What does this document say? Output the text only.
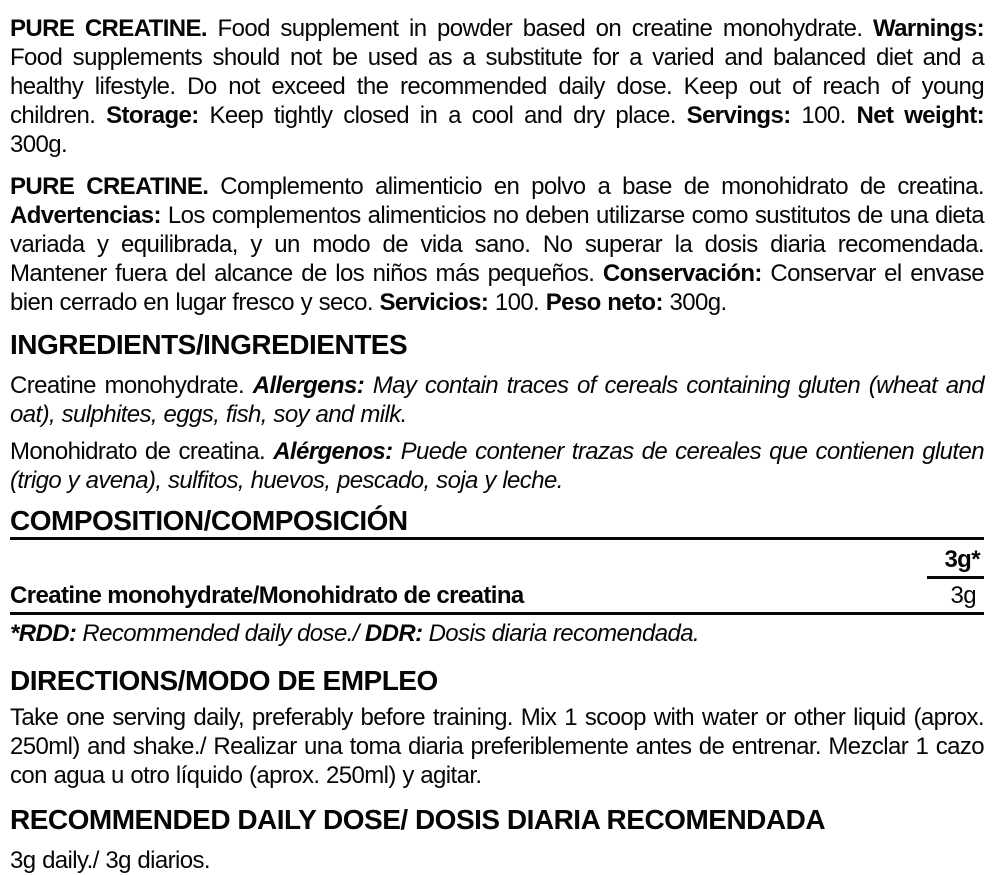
PURE CREATINE. Food supplement in powder based on creatine monohydrate. Warnings: Food supplements should not be used as a substitute for a varied and balanced diet and a healthy lifestyle. Do not exceed the recommended daily dose. Keep out of reach of young children. Storage: Keep tightly closed in a cool and dry place. Servings: 100. Net weight: 300g.

PURE CREATINE. Complemento alimenticio en polvo a base de monohidrato de creatina. Advertencias: Los complementos alimenticios no deben utilizarse como sustitutos de una dieta variada y equilibrada, y un modo de vida sano. No superar la dosis diaria recomendada. Mantener fuera del alcance de los niños más pequeños. Conservación: Conservar el envase bien cerrado en lugar fresco y seco. Servicios: 100. Peso neto: 300g.

INGREDIENTS/INGREDIENTES

Creatine monohydrate. Allergens: May contain traces of cereals containing gluten (wheat and oat), sulphites, eggs, fish, soy and milk.

Monohidrato de creatina. Alérgenos: Puede contener trazas de cereales que contienen gluten (trigo y avena), sulfitos, huevos, pescado, soja y leche.

COMPOSITION/COMPOSICIÓN
3g*
Creatine monohydrate/Monohidrato de creatina	3g

*RDD: Recommended daily dose./ DDR: Dosis diaria recomendada.

DIRECTIONS/MODO DE EMPLEO

Take one serving daily, preferably before training. Mix 1 scoop with water or other liquid (aprox. 250ml) and shake./ Realizar una toma diaria preferiblemente antes de entrenar. Mezclar 1 cazo con agua u otro líquido (aprox. 250ml) y agitar.

RECOMMENDED DAILY DOSE/ DOSIS DIARIA RECOMENDADA

3g daily./ 3g diarios.
